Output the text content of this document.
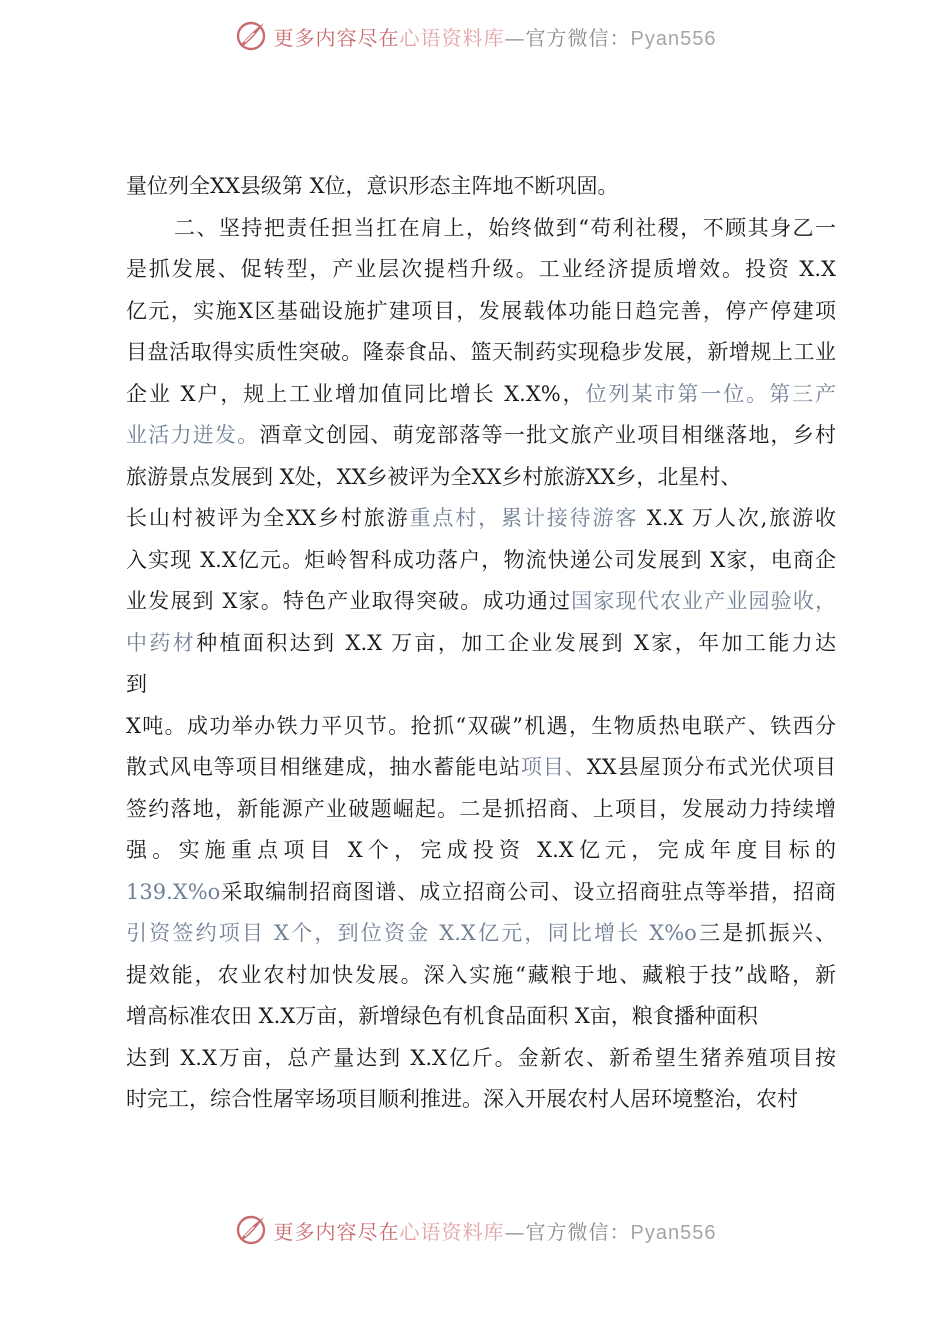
更多内容尽在心语资料库—官方微信：Pyan556
量位列全XX县级第 X位，意识形态主阵地不断巩固。
二、坚持把责任担当扛在肩上，始终做到“苟利社稷，不顾其身乙一
是抓发展、促转型，产业层次提档升级。工业经济提质增效。投资 X.X
亿元，实施X区基础设施扩建项目，发展载体功能日趋完善，停产停建项
目盘活取得实质性突破。隆泰食品、篮天制药实现稳步发展，新增规上工业
企业 X户，规上工业增加值同比增长 X.X%，位列某市第一位。第三产
业活力迸发。酒章文创园、萌宠部落等一批文旅产业项目相继落地，乡村
旅游景点发展到 X处，XX乡被评为全XX乡村旅游XX乡，北星村、
长山村被评为全XX乡村旅游重点村，累计接待游客 X.X 万人次,旅游收
入实现 X.X亿元。炬岭智科成功落户，物流快递公司发展到 X家，电商企
业发展到 X家。特色产业取得突破。成功通过国家现代农业产业园验收，
中药材种植面积达到 X.X 万亩，加工企业发展到 X家，年加工能力达
到
X吨。成功举办铁力平贝节。抢抓“双碳”机遇，生物质热电联产、铁西分
散式风电等项目相继建成，抽水蓄能电站项目、XX县屋顶分布式光伏项目
签约落地，新能源产业破题崛起。二是抓招商、上项目，发展动力持续增
强。实施重点项目 X个，完成投资 X.X亿元，完成年度目标的
139.X%o采取编制招商图谱、成立招商公司、设立招商驻点等举措，招商
引资签约项目 X个，到位资金 X.X亿元，同比增长 X%o三是抓振兴、
提效能，农业农村加快发展。深入实施“藏粮于地、藏粮于技”战略，新
增高标准农田 X.X万亩，新增绿色有机食品面积 X亩，粮食播种面积
达到 X.X万亩，总产量达到 X.X亿斤。金新农、新希望生猪养殖项目按
时完工，综合性屠宰场项目顺利推进。深入开展农村人居环境整治，农村
更多内容尽在心语资料库—官方微信：Pyan556
